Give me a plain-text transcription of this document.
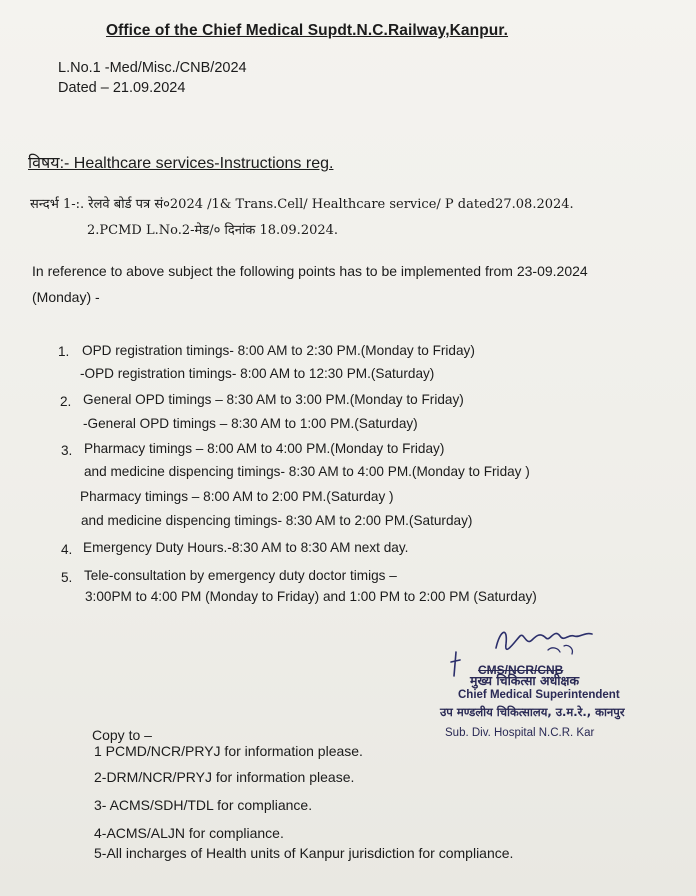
Office of the Chief Medical Supdt.N.C.Railway,Kanpur.
L.No.1 -Med/Misc./CNB/2024
Dated – 21.09.2024
विषय:- Healthcare services-Instructions reg.
सन्दर्भ 1-:. रेलवे बोर्ड पत्र सं०2024 /1& Trans.Cell/ Healthcare service/ P dated27.08.2024.
2.PCMD L.No.2-मेड/० दिनांक 18.09.2024.
In reference to above subject the following points has to be implemented from 23-09.2024
(Monday) -
1. OPD registration timings- 8:00 AM to 2:30 PM.(Monday to Friday)
-OPD registration timings- 8:00 AM to 12:30 PM.(Saturday)
2. General OPD timings – 8:30 AM to 3:00 PM.(Monday to Friday)
-General OPD timings – 8:30 AM to 1:00 PM.(Saturday)
3. Pharmacy timings – 8:00 AM to 4:00 PM.(Monday to Friday)
and medicine dispencing timings- 8:30 AM to 4:00 PM.(Monday to Friday )
Pharmacy timings – 8:00 AM to 2:00 PM.(Saturday )
and medicine dispencing timings- 8:30 AM to 2:00 PM.(Saturday)
4. Emergency Duty Hours.-8:30 AM to 8:30 AM next day.
5. Tele-consultation by emergency duty doctor timigs –
3:00PM to 4:00 PM (Monday to Friday) and 1:00 PM to 2:00 PM (Saturday)
CMS/NCR/CNB
मुख्य चिकित्सा अधीक्षक
Chief Medical Superintendent
उप मण्डलीय चिकित्सालय, उ.म.रे., कानपुर
Sub. Div. Hospital N.C.R. Kar
Copy to –
1 PCMD/NCR/PRYJ for information please.
2-DRM/NCR/PRYJ for information please.
3- ACMS/SDH/TDL for compliance.
4-ACMS/ALJN for compliance.
5-All incharges of Health units of Kanpur jurisdiction for compliance.
